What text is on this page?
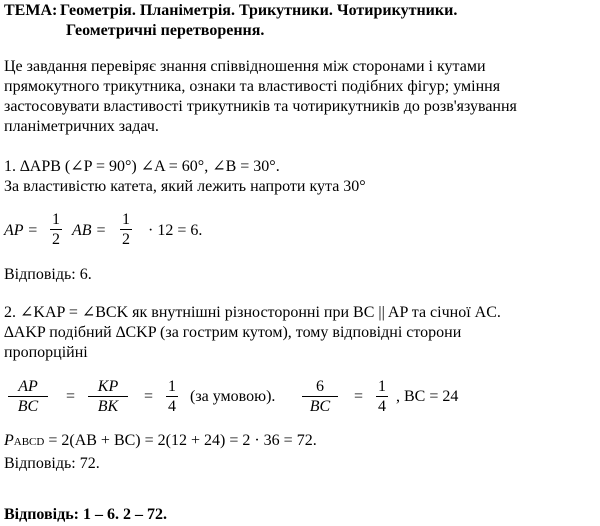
ТЕМА: Геометрія. Планіметрія. Трикутники. Чотирикутники.
Геометричні перетворення.
Це завдання перевіряє знання співвідношення між сторонами і кутами
прямокутного трикутника, ознаки та властивості подібних фігур; уміння
застосовувати властивості трикутників та чотирикутників до розв'язування
планіметричних задач.
1. ∆APB (∠P = 90°) ∠A = 60°, ∠B = 30°.
За властивістю катета, який лежить напроти кута 30°
AP =
1
2
AB =
1
2
· 12 = 6.
Відповідь: 6.
2. ∠KAP = ∠BCK як внутнішні різносторонні при BC || AP та січної AC.
∆AKP подібний ∆CKP (за гострим кутом), тому відповідні сторони
пропорційні
AP
BC
=
KP
BK
=
1
4
(за умовою).
6
BC
=
1
4
, BC = 24
PABCD = 2(AB + BC) = 2(12 + 24) = 2 · 36 = 72.
Відповідь: 72.
Відповідь: 1 – 6. 2 – 72.
